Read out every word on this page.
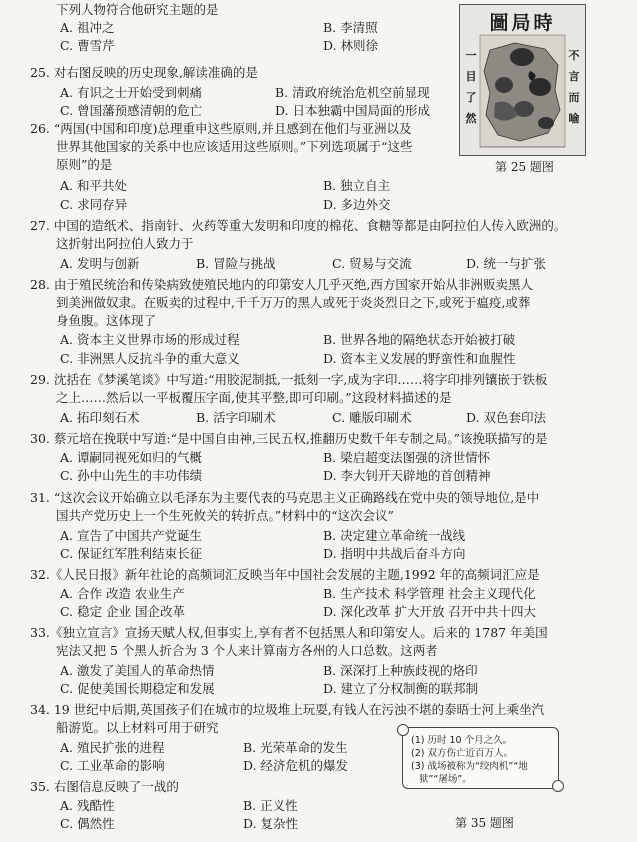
下列人物符合他研究主题的是
A. 祖冲之	B. 李清照
C. 曹雪芹	D. 林则徐
25. 对右图反映的历史现象,解读准确的是
A. 有识之士开始受到刺痛	B. 清政府统治危机空前显现
C. 曾国藩预感清朝的危亡	D. 日本独霸中国局面的形成
圖局時
一
目
了
然
不
言
而
喻
第 25 题图
26. “两国(中国和印度)总理重申这些原则,并且感到在他们与亚洲以及
世界其他国家的关系中也应该适用这些原则。”下列选项属于“这些
原则”的是
A. 和平共处	B. 独立自主
C. 求同存异	D. 多边外交
27. 中国的造纸术、指南针、火药等重大发明和印度的棉花、食糖等都是由阿拉伯人传入欧洲的。
这折射出阿拉伯人致力于
A. 发明与创新	B. 冒险与挑战	C. 贸易与交流	D. 统一与扩张
28. 由于殖民统治和传染病致使殖民地内的印第安人几乎灭绝,西方国家开始从非洲贩卖黑人
到美洲做奴隶。在贩卖的过程中,千千万万的黑人或死于炎炎烈日之下,或死于瘟疫,或葬
身鱼腹。这体现了
A. 资本主义世界市场的形成过程	B. 世界各地的隔绝状态开始被打破
C. 非洲黑人反抗斗争的重大意义	D. 资本主义发展的野蛮性和血腥性
29. 沈括在《梦溪笔谈》中写道:“用胶泥制抵,一抵刻一字,成为字印……将字印排列镶嵌于铁板
之上……然后以一平板覆压字面,使其平整,即可印刷。”这段材料描述的是
A. 拓印刻石术	B. 活字印刷术	C. 雕版印刷术	D. 双色套印法
30. 蔡元培在挽联中写道:“是中国自由神,三民五权,推翻历史数千年专制之局。”该挽联描写的是
A. 谭嗣同视死如归的气概	B. 梁启超变法图强的济世情怀
C. 孙中山先生的丰功伟绩	D. 李大钊开天辟地的首创精神
31. “这次会议开始确立以毛泽东为主要代表的马克思主义正确路线在党中央的领导地位,是中
国共产党历史上一个生死攸关的转折点。”材料中的“这次会议”
A. 宣告了中国共产党诞生	B. 决定建立革命统一战线
C. 保证红军胜利结束长征	D. 指明中共战后奋斗方向
32.《人民日报》新年社论的高频词汇反映当年中国社会发展的主题,1992 年的高频词汇应是
A. 合作 改造 农业生产	B. 生产技术 科学管理 社会主义现代化
C. 稳定 企业 国企改革	D. 深化改革 扩大开放 召开中共十四大
33.《独立宣言》宣扬天赋人权,但事实上,享有者不包括黑人和印第安人。后来的 1787 年美国
宪法又把 5 个黑人折合为 3 个人来计算南方各州的人口总数。这两者
A. 激发了美国人的革命热情	B. 深深打上种族歧视的烙印
C. 促使美国长期稳定和发展	D. 建立了分权制衡的联邦制
34. 19 世纪中后期,英国孩子们在城市的垃圾堆上玩耍,有钱人在污浊不堪的泰晤士河上乘坐汽
船游览。以上材料可用于研究
A. 殖民扩张的进程	B. 光荣革命的发生
C. 工业革命的影响	D. 经济危机的爆发
35. 右图信息反映了一战的
A. 残酷性	B. 正义性
C. 偶然性	D. 复杂性
(1) 历时 10 个月之久。
(2) 双方伤亡近百万人。
(3) 战场被称为“绞肉机”“地
狱”“屠场”。
第 35 题图
